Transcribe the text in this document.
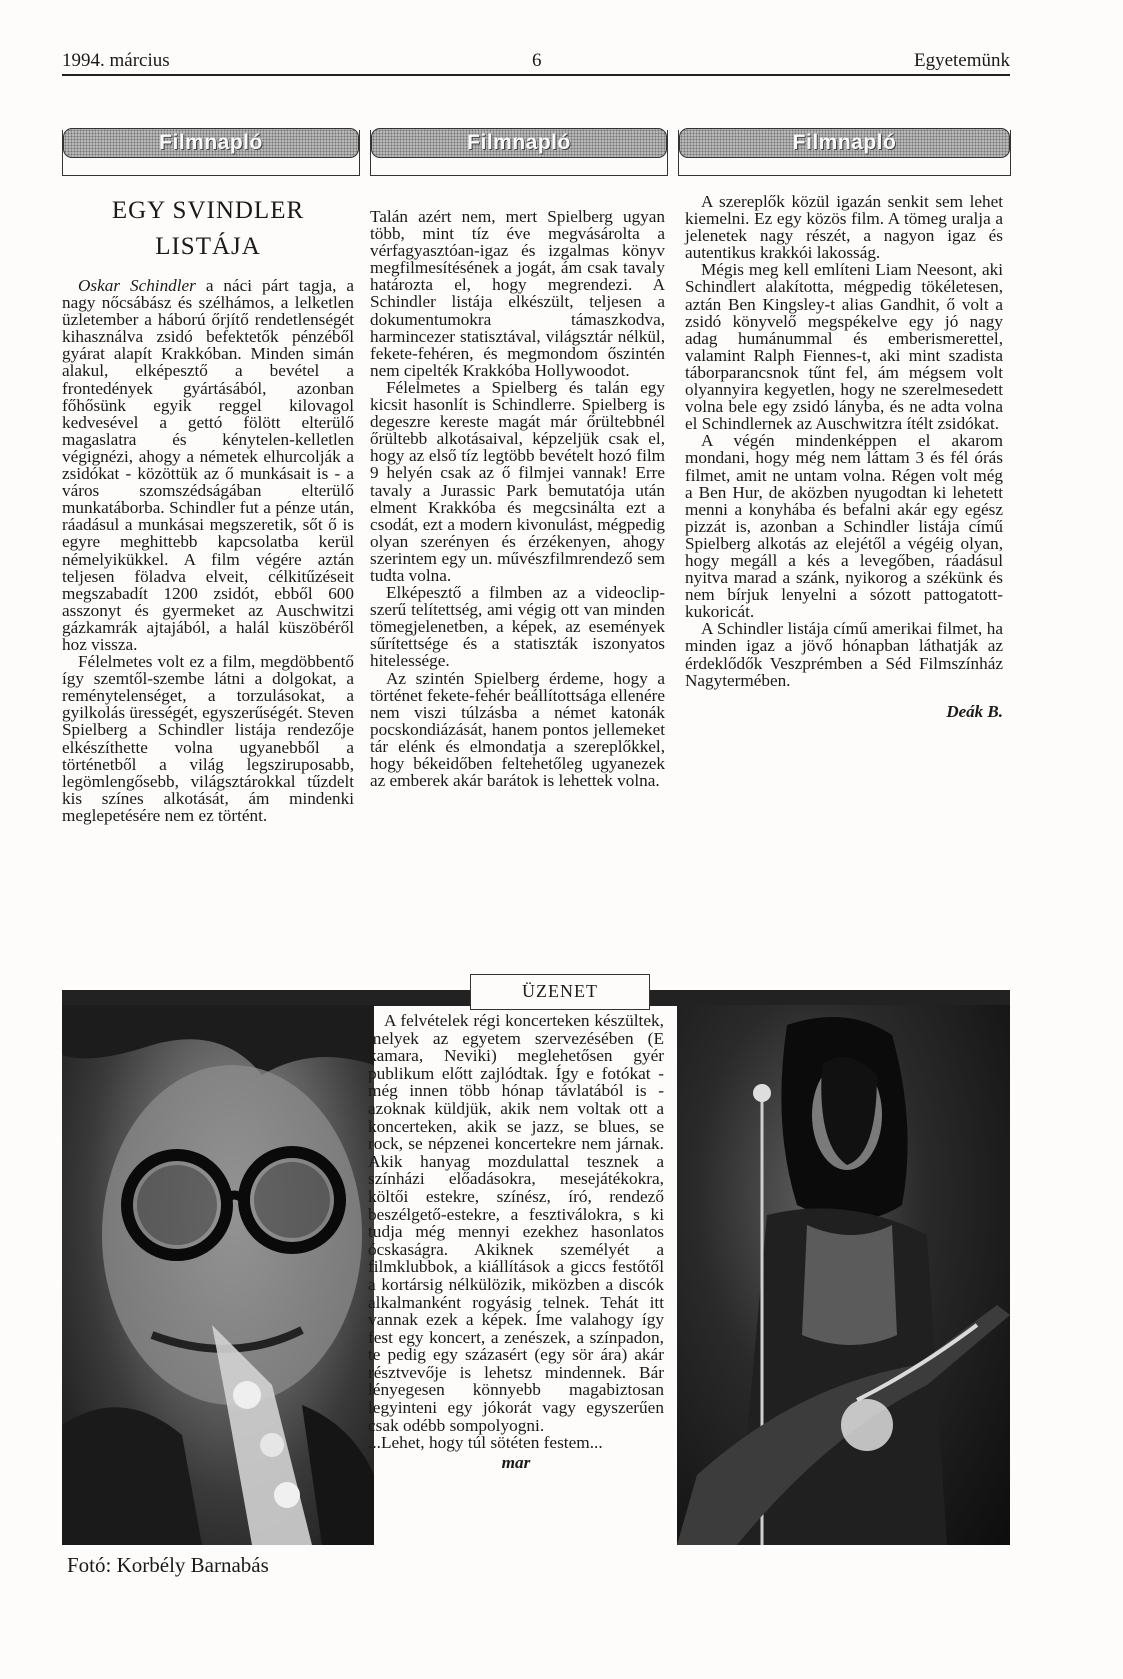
1994. március	6	Egyetemünk
Filmnapló	Filmnapló	Filmnapló
EGY SVINDLER
LISTÁJA

Oskar Schindler a náci párt tagja, a nagy nőcsábász és szélhámos, a lelketlen üzletember a háború őrjítő rendetlenségét kihasználva zsidó befektetők pénzéből gyárat alapít Krakkóban. Minden simán alakul, elképesztő a bevétel a frontedények gyártásából, azonban főhősünk egyik reggel kilovagol kedvesével a gettó fölött elterülő magaslatra és kénytelen-kelletlen végignézi, ahogy a németek elhurcolják a zsidókat - közöttük az ő munkásait is - a város szomszédságában elterülő munkatáborba. Schindler fut a pénze után, ráadásul a munkásai megszeretik, sőt ő is egyre meghittebb kapcsolatba kerül némelyikükkel. A film végére aztán teljesen föladva elveit, célkitűzéseit megszabadít 1200 zsidót, ebből 600 asszonyt és gyermeket az Auschwitzi gázkamrák ajtajából, a halál küszöbéről hoz vissza.

Félelmetes volt ez a film, megdöbbentő így szemtől-szembe látni a dolgokat, a reménytelenséget, a torzulásokat, a gyilkolás ürességét, egyszerűségét. Steven Spielberg a Schindler listája rendezője elkészíthette volna ugyanebből a történetből a világ legsziruposabb, legömlengősebb, világsztárokkal tűzdelt kis színes alkotását, ám mindenki meglepetésére nem ez történt.

Talán azért nem, mert Spielberg ugyan több, mint tíz éve megvásárolta a vérfagyasztóan-igaz és izgalmas könyv megfilmesítésének a jogát, ám csak tavaly határozta el, hogy megrendezi. A Schindler listája elkészült, teljesen a dokumentumokra támaszkodva, harmincezer statisztával, világsztár nélkül, fekete-fehéren, és megmondom őszintén nem cipelték Krakkóba Hollywoodot.

Félelmetes a Spielberg és talán egy kicsit hasonlít is Schindlerre. Spielberg is degeszre kereste magát már őrültebbnél őrültebb alkotásaival, képzeljük csak el, hogy az első tíz legtöbb bevételt hozó film 9 helyén csak az ő filmjei vannak! Erre tavaly a Jurassic Park bemutatója után elment Krakkóba és megcsinálta ezt a csodát, ezt a modern kivonulást, mégpedig olyan szerényen és érzékenyen, ahogy szerintem egy un. művészfilmrendező sem tudta volna.

Elképesztő a filmben az a videoclip-szerű telítettség, ami végig ott van minden tömegjelenetben, a képek, az események sűrítettsége és a statiszták iszonyatos hitelessége.

Az szintén Spielberg érdeme, hogy a történet fekete-fehér beállítottsága ellenére nem viszi túlzásba a német katonák pocskondiázását, hanem pontos jellemeket tár elénk és elmondatja a szereplőkkel, hogy békeidőben feltehetőleg ugyanezek az emberek akár barátok is lehettek volna.

A szereplők közül igazán senkit sem lehet kiemelni. Ez egy közös film. A tömeg uralja a jelenetek nagy részét, a nagyon igaz és autentikus krakkói lakosság.

Mégis meg kell említeni Liam Neesont, aki Schindlert alakította, mégpedig tökéletesen, aztán Ben Kingsley-t alias Gandhit, ő volt a zsidó könyvelő megspékelve egy jó nagy adag humánummal és emberismerettel, valamint Ralph Fiennes-t, aki mint szadista táborparancsnok tűnt fel, ám mégsem volt olyannyira kegyetlen, hogy ne szerelmesedett volna bele egy zsidó lányba, és ne adta volna el Schindlernek az Auschwitzra ítélt zsidókat.

A végén mindenképpen el akarom mondani, hogy még nem láttam 3 és fél órás filmet, amit ne untam volna. Régen volt még a Ben Hur, de aközben nyugodtan ki lehetett menni a konyhába és befalni akár egy egész pizzát is, azonban a Schindler listája című Spielberg alkotás az elejétől a végéig olyan, hogy megáll a kés a levegőben, ráadásul nyitva marad a szánk, nyikorog a székünk és nem bírjuk lenyelni a sózott pattogatott-kukoricát.

A Schindler listája című amerikai filmet, ha minden igaz a jövő hónapban láthatják az érdeklődők Veszprémben a Séd Filmszínház Nagytermében.

Deák B.
ÜZENET

A felvételek régi koncerteken készültek, melyek az egyetem szervezésében (E kamara, Neviki) meglehetősen gyér publikum előtt zajlódtak. Így e fotókat - még innen több hónap távlatából is - azoknak küldjük, akik nem voltak ott a koncerteken, akik se jazz, se blues, se rock, se népzenei koncertekre nem járnak. Akik hanyag mozdulattal tesznek a színházi előadásokra, mesejátékokra, költői estekre, színész, író, rendező beszélgető-estekre, a fesztiválokra, s ki tudja még mennyi ezekhez hasonlatos ócskaságra. Akiknek személyét a filmklubbok, a kiállítások a giccs festőtől a kortársig nélkülözik, miközben a discók alkalmanként rogyásig telnek. Tehát itt vannak ezek a képek. Íme valahogy így fest egy koncert, a zenészek, a színpadon, te pedig egy százasért (egy sör ára) akár résztvevője is lehetsz mindennek. Bár lényegesen könnyebb magabiztosan legyinteni egy jókorát vagy egyszerűen csak odébb sompolyogni.

...Lehet, hogy túl sötéten festem...

mar
Fotó: Korbély Barnabás
